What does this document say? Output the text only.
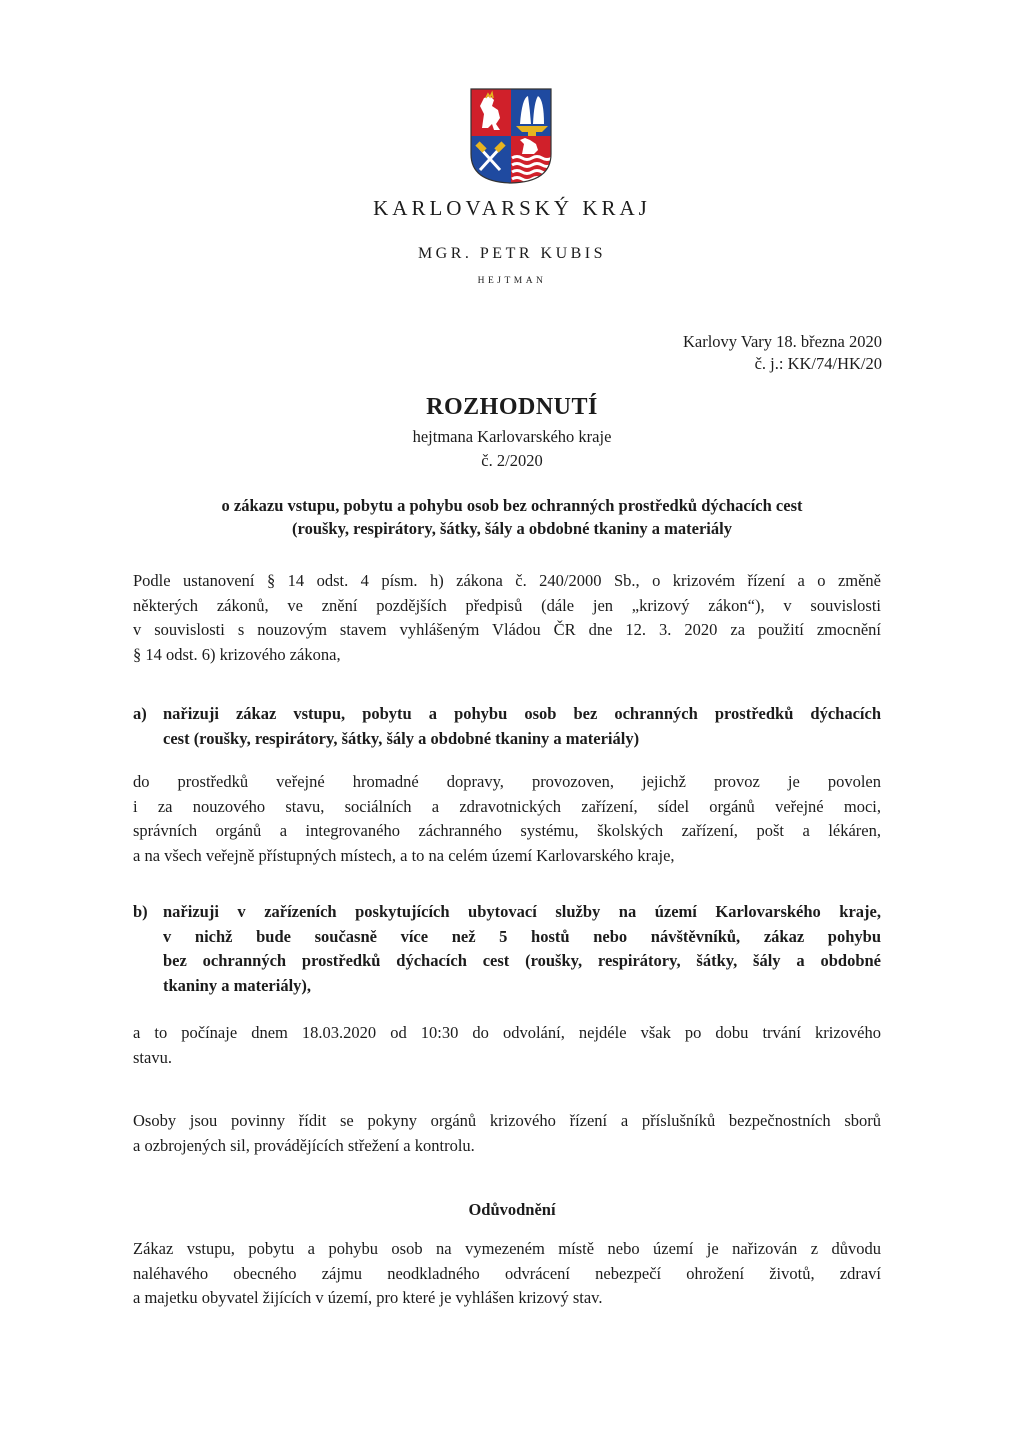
KARLOVARSKÝ KRAJ
MGR. PETR KUBIS
HEJTMAN
Karlovy Vary 18. března 2020
č. j.: KK/74/HK/20
ROZHODNUTÍ
hejtmana Karlovarského kraje
č. 2/2020
o zákazu vstupu, pobytu a pohybu osob bez ochranných prostředků dýchacích cest
(roušky, respirátory, šátky, šály a obdobné tkaniny a materiály
Podle ustanovení § 14 odst. 4 písm. h) zákona č. 240/2000 Sb., o krizovém řízení a o změně
některých zákonů, ve znění pozdějších předpisů (dále jen „krizový zákon“), v souvislosti
v souvislosti s nouzovým stavem vyhlášeným Vládou ČR dne 12. 3. 2020 za použití zmocnění
§ 14 odst. 6) krizového zákona,
a) nařizuji zákaz vstupu, pobytu a pohybu osob bez ochranných prostředků dýchacích
cest (roušky, respirátory, šátky, šály a obdobné tkaniny a materiály)
do prostředků veřejné hromadné dopravy, provozoven, jejichž provoz je povolen
i za nouzového stavu, sociálních a zdravotnických zařízení, sídel orgánů veřejné moci,
správních orgánů a integrovaného záchranného systému, školských zařízení, pošt a lékáren,
a na všech veřejně přístupných místech, a to na celém území Karlovarského kraje,
b) nařizuji v zařízeních poskytujících ubytovací služby na území Karlovarského kraje,
v nichž bude současně více než 5 hostů nebo návštěvníků, zákaz pohybu
bez ochranných prostředků dýchacích cest (roušky, respirátory, šátky, šály a obdobné
tkaniny a materiály),
a to počínaje dnem 18.03.2020 od 10:30 do odvolání, nejdéle však po dobu trvání krizového
stavu.
Osoby jsou povinny řídit se pokyny orgánů krizového řízení a příslušníků bezpečnostních sborů
a ozbrojených sil, provádějících střežení a kontrolu.
Odůvodnění
Zákaz vstupu, pobytu a pohybu osob na vymezeném místě nebo území je nařizován z důvodu
naléhavého obecného zájmu neodkladného odvrácení nebezpečí ohrožení životů, zdraví
a majetku obyvatel žijících v území, pro které je vyhlášen krizový stav.
